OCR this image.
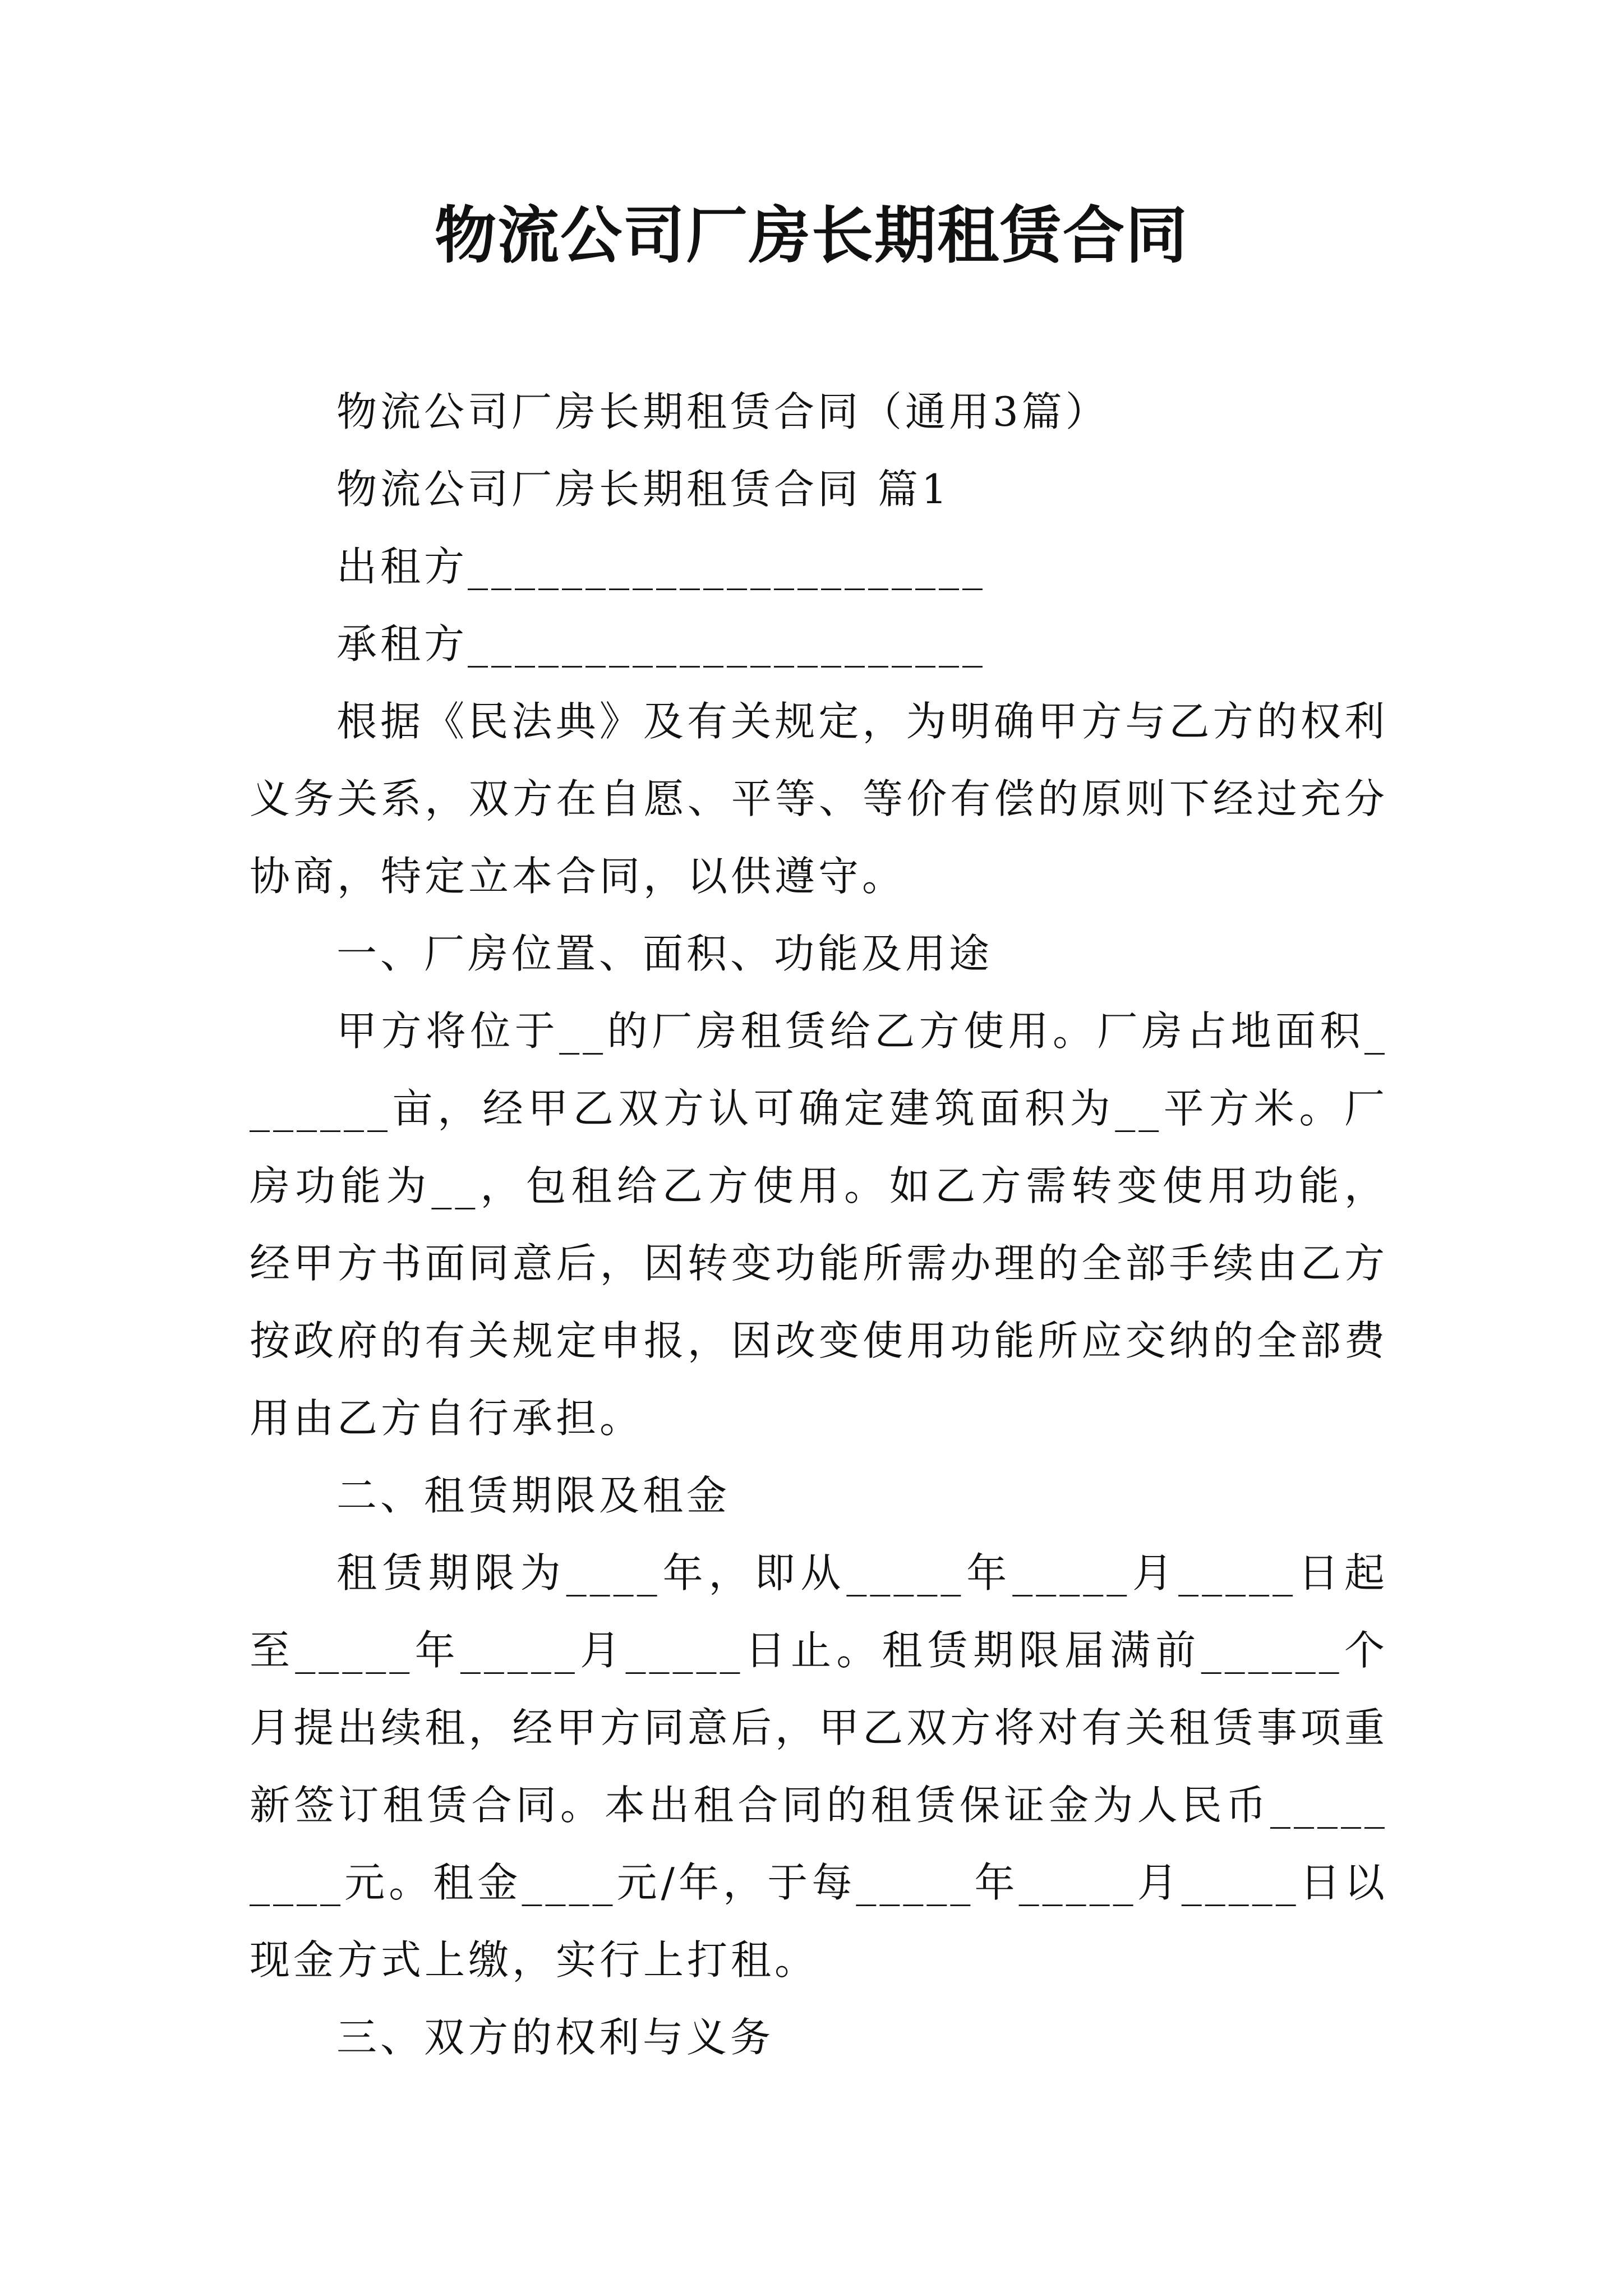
物流公司厂房长期租赁合同

物流公司厂房长期租赁合同（通用3篇）

物流公司厂房长期租赁合同 篇1

出租方______________________

承租方______________________

根据《民法典》及有关规定，为明确甲方与乙方的权利义务关系，双方在自愿、平等、等价有偿的原则下经过充分协商，特定立本合同，以供遵守。

一、厂房位置、面积、功能及用途

甲方将位于__的厂房租赁给乙方使用。厂房占地面积_______亩，经甲乙双方认可确定建筑面积为__平方米。厂房功能为__，包租给乙方使用。如乙方需转变使用功能，经甲方书面同意后，因转变功能所需办理的全部手续由乙方按政府的有关规定申报，因改变使用功能所应交纳的全部费用由乙方自行承担。

二、租赁期限及租金

租赁期限为____年，即从_____年_____月_____日起至_____年_____月_____日止。租赁期限届满前______个月提出续租，经甲方同意后，甲乙双方将对有关租赁事项重新签订租赁合同。本出租合同的租赁保证金为人民币_________元。租金____元/年，于每_____年_____月_____日以现金方式上缴，实行上打租。

三、双方的权利与义务
